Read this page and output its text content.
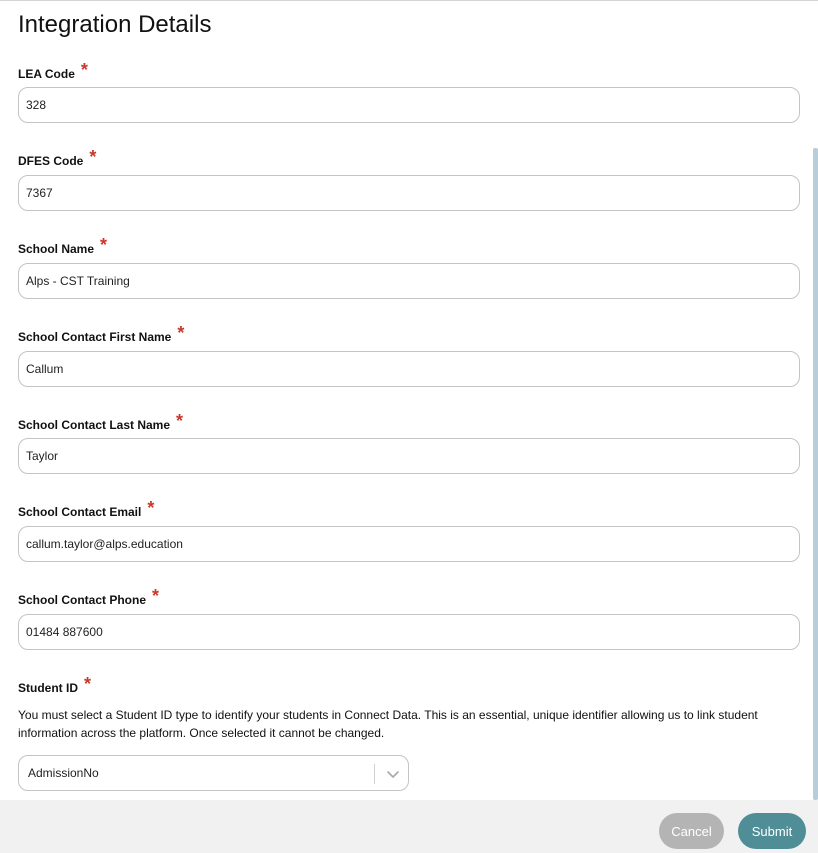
Integration Details
LEA Code *
328
DFES Code *
7367
School Name *
Alps - CST Training
School Contact First Name *
Callum
School Contact Last Name *
Taylor
School Contact Email *
callum.taylor@alps.education
School Contact Phone *
01484 887600
Student ID *

You must select a Student ID type to identify your students in Connect Data. This is an essential, unique identifier allowing us to link student information across the platform. Once selected it cannot be changed.

AdmissionNo
Cancel	Submit
